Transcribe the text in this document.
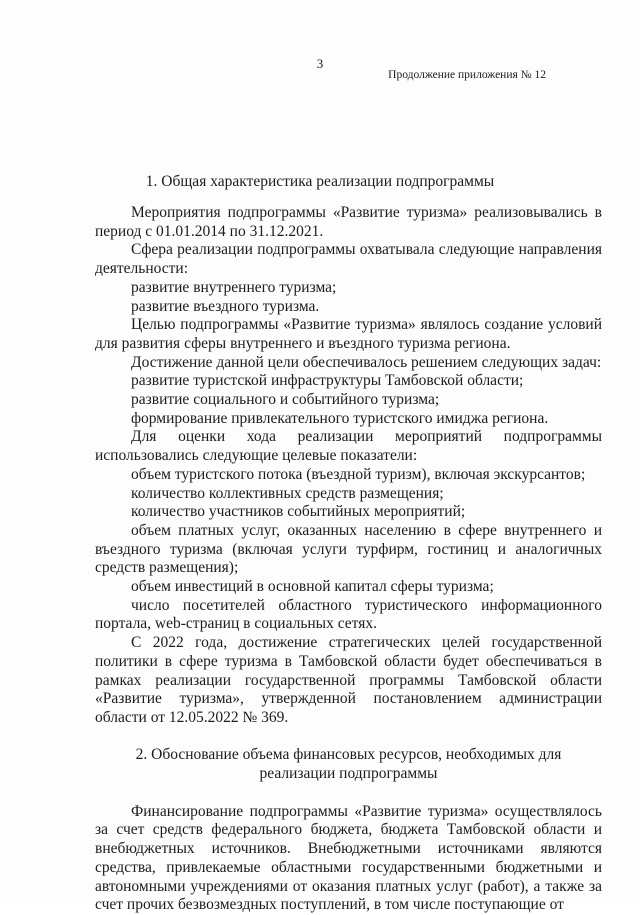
3
Продолжение приложения № 12
1. Общая характеристика реализации подпрограммы

Мероприятия подпрограммы «Развитие туризма» реализовывались в период с 01.01.2014 по 31.12.2021.

Сфера реализации подпрограммы охватывала следующие направления деятельности:

развитие внутреннего туризма;

развитие въездного туризма.

Целью подпрограммы «Развитие туризма» являлось создание условий для развития сферы внутреннего и въездного туризма региона.

Достижение данной цели обеспечивалось решением следующих задач:

развитие туристской инфраструктуры Тамбовской области;

развитие социального и событийного туризма;

формирование привлекательного туристского имиджа региона.

Для оценки хода реализации мероприятий подпрограммы использовались следующие целевые показатели:

объем туристского потока (въездной туризм), включая экскурсантов;

количество коллективных средств размещения;

количество участников событийных мероприятий;

объем платных услуг, оказанных населению в сфере внутреннего и въездного туризма (включая услуги турфирм, гостиниц и аналогичных средств размещения);

объем инвестиций в основной капитал сферы туризма;

число посетителей областного туристического информационного портала, web-страниц в социальных сетях.

С 2022 года, достижение стратегических целей государственной политики в сфере туризма в Тамбовской области будет обеспечиваться в рамках реализации государственной программы Тамбовской области «Развитие туризма», утвержденной постановлением администрации области от 12.05.2022 № 369.

2. Обоснование объема финансовых ресурсов, необходимых для

реализации подпрограммы

Финансирование подпрограммы «Развитие туризма» осуществлялось за счет средств федерального бюджета, бюджета Тамбовской области и внебюджетных источников. Внебюджетными источниками являются средства, привлекаемые областными государственными бюджетными и автономными учреждениями от оказания платных услуг (работ), а также за счет прочих безвозмездных поступлений, в том числе поступающие от
